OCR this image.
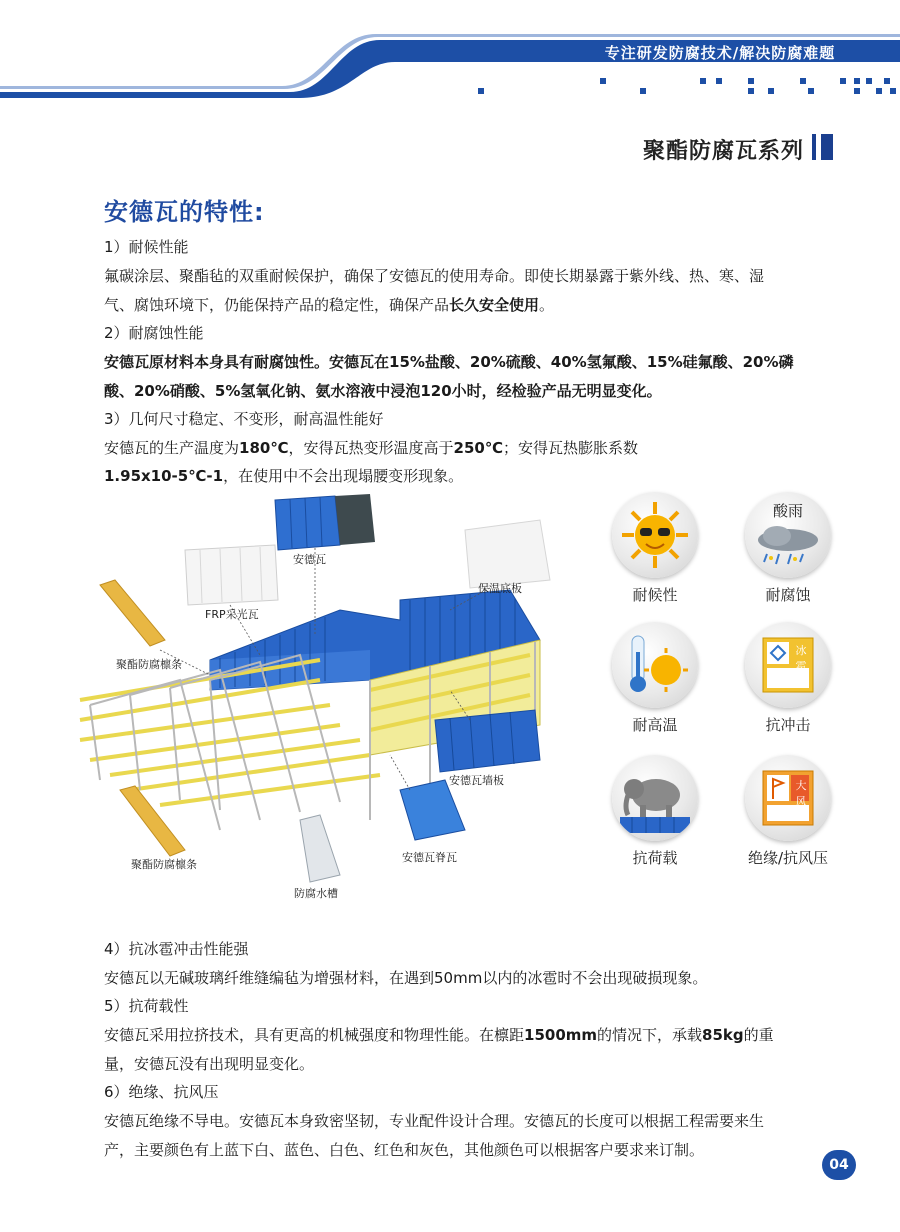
专注研发防腐技术/解决防腐难题
聚酯防腐瓦系列
安德瓦的特性:
1）耐候性能
氟碳涂层、聚酯毡的双重耐候保护，确保了安德瓦的使用寿命。即使长期暴露于紫外线、热、寒、湿
气、腐蚀环境下，仍能保持产品的稳定性，确保产品长久安全使用。
2）耐腐蚀性能
安德瓦原材料本身具有耐腐蚀性。安德瓦在15%盐酸、20%硫酸、40%氢氟酸、15%硅氟酸、20%磷
酸、20%硝酸、5%氢氧化钠、氨水溶液中浸泡120小时，经检验产品无明显变化。
3）几何尺寸稳定、不变形，耐高温性能好
安德瓦的生产温度为180℃，安得瓦热变形温度高于250℃；安得瓦热膨胀系数
1.95x10-5℃-1，在使用中不会出现塌腰变形现象。
安德瓦
FRP采光瓦
保温底板
聚酯防腐檩条
安德瓦墙板
聚酯防腐檩条
安德瓦脊瓦
防腐水槽
耐候性
酸雨
耐腐蚀
耐高温
冰雹
抗冲击
抗荷载
大风
绝缘/抗风压
4）抗冰雹冲击性能强
安德瓦以无碱玻璃纤维缝编毡为增强材料，在遇到50mm以内的冰雹时不会出现破损现象。
5）抗荷载性
安德瓦采用拉挤技术，具有更高的机械强度和物理性能。在檩距1500mm的情况下，承载85kg的重
量，安德瓦没有出现明显变化。
6）绝缘、抗风压
安德瓦绝缘不导电。安德瓦本身致密坚韧，专业配件设计合理。安德瓦的长度可以根据工程需要来生
产，主要颜色有上蓝下白、蓝色、白色、红色和灰色，其他颜色可以根据客户要求来订制。
04
